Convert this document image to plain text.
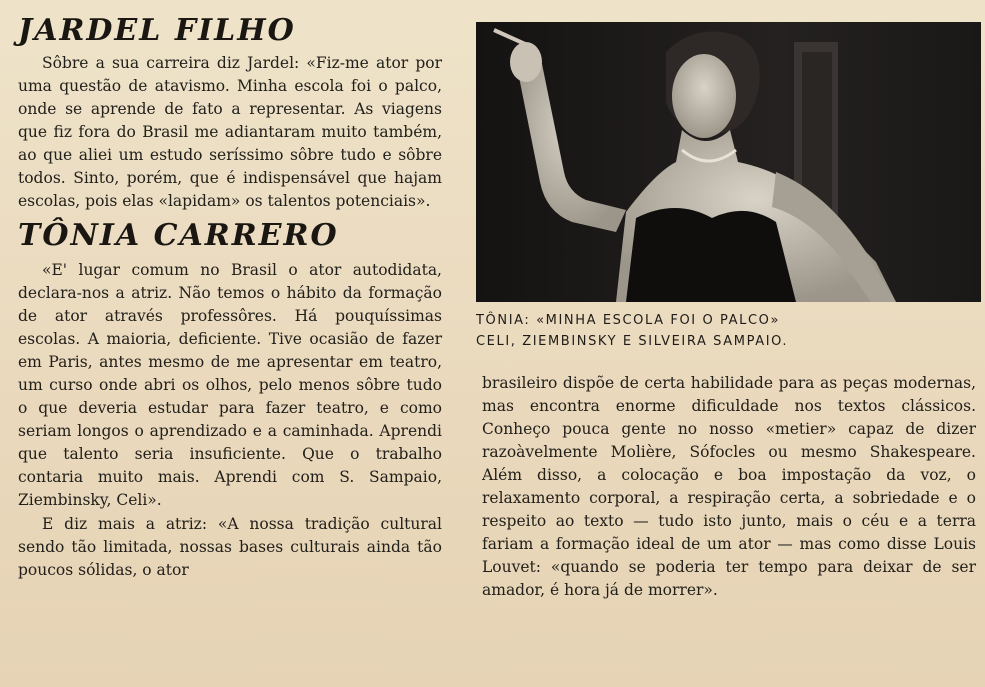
JARDEL FILHO

Sôbre a sua carreira diz Jardel: «Fiz-me ator por uma questão de atavismo. Minha escola foi o palco, onde se aprende de fato a representar. As viagens que fiz fora do Brasil me adiantaram muito também, ao que aliei um estudo seríssimo sôbre tudo e sôbre todos. Sinto, porém, que é indispensável que hajam escolas, pois elas «lapidam» os talentos potenciais».

TÔNIA CARRERO

«E' lugar comum no Brasil o ator autodidata, declara-nos a atriz. Não temos o hábito da formação de ator através professôres. Há pouquíssimas escolas. A maioria, deficiente. Tive ocasião de fazer em Paris, antes mesmo de me apresentar em teatro, um curso onde abri os olhos, pelo menos sôbre tudo o que deveria estudar para fazer teatro, e como seriam longos o aprendizado e a caminhada. Aprendi que talento seria insuficiente. Que o trabalho contaria muito mais. Aprendi com S. Sampaio, Ziembinsky, Celi».

E diz mais a atriz: «A nossa tradição cultural sendo tão limitada, nossas bases culturais ainda tão poucos sólidas, o ator

TÔNIA: «MINHA ESCOLA FOI O PALCO»

CELI, ZIEMBINSKY E SILVEIRA SAMPAIO.

brasileiro dispõe de certa habilidade para as peças modernas, mas encontra enorme dificuldade nos textos clássicos. Conheço pouca gente no nosso «metier» capaz de dizer razoàvelmente Molière, Sófocles ou mesmo Shakespeare. Além disso, a colocação e boa impostação da voz, o relaxamento corporal, a respiração certa, a sobriedade e o respeito ao texto — tudo isto junto, mais o céu e a terra fariam a formação ideal de um ator — mas como disse Louis Louvet: «quando se poderia ter tempo para deixar de ser amador, é hora já de morrer».
